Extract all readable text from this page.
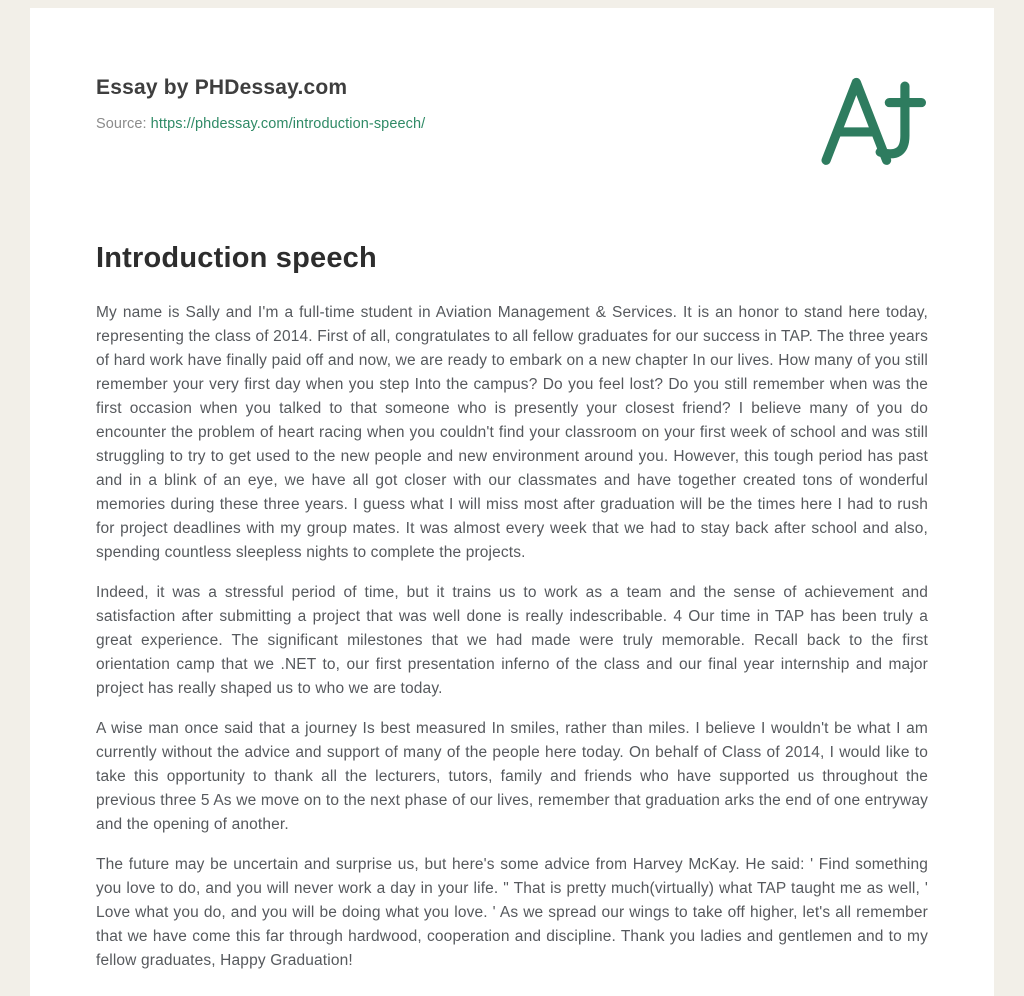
Essay by PHDessay.com

Source: https://phdessay.com/introduction-speech/

Introduction speech

My name is Sally and I'm a full-time student in Aviation Management & Services. It is an honor to stand here today, representing the class of 2014. First of all, congratulates to all fellow graduates for our success in TAP. The three years of hard work have finally paid off and now, we are ready to embark on a new chapter In our lives. How many of you still remember your very first day when you step Into the campus? Do you feel lost? Do you still remember when was the first occasion when you talked to that someone who is presently your closest friend? I believe many of you do encounter the problem of heart racing when you couldn't find your classroom on your first week of school and was still struggling to try to get used to the new people and new environment around you. However, this tough period has past and in a blink of an eye, we have all got closer with our classmates and have together created tons of wonderful memories during these three years. I guess what I will miss most after graduation will be the times here I had to rush for project deadlines with my group mates. It was almost every week that we had to stay back after school and also, spending countless sleepless nights to complete the projects.

Indeed, it was a stressful period of time, but it trains us to work as a team and the sense of achievement and satisfaction after submitting a project that was well done is really indescribable. 4 Our time in TAP has been truly a great experience. The significant milestones that we had made were truly memorable. Recall back to the first orientation camp that we .NET to, our first presentation inferno of the class and our final year internship and major project has really shaped us to who we are today.

A wise man once said that a journey Is best measured In smiles, rather than miles. I believe I wouldn't be what I am currently without the advice and support of many of the people here today. On behalf of Class of 2014, I would like to take this opportunity to thank all the lecturers, tutors, family and friends who have supported us throughout the previous three 5 As we move on to the next phase of our lives, remember that graduation arks the end of one entryway and the opening of another.

The future may be uncertain and surprise us, but here's some advice from Harvey McKay. He said: ' Find something you love to do, and you will never work a day in your life. " That is pretty much(virtually) what TAP taught me as well, ' Love what you do, and you will be doing what you love. ' As we spread our wings to take off higher, let's all remember that we have come this far through hardwood, cooperation and discipline. Thank you ladies and gentlemen and to my fellow graduates, Happy Graduation!
